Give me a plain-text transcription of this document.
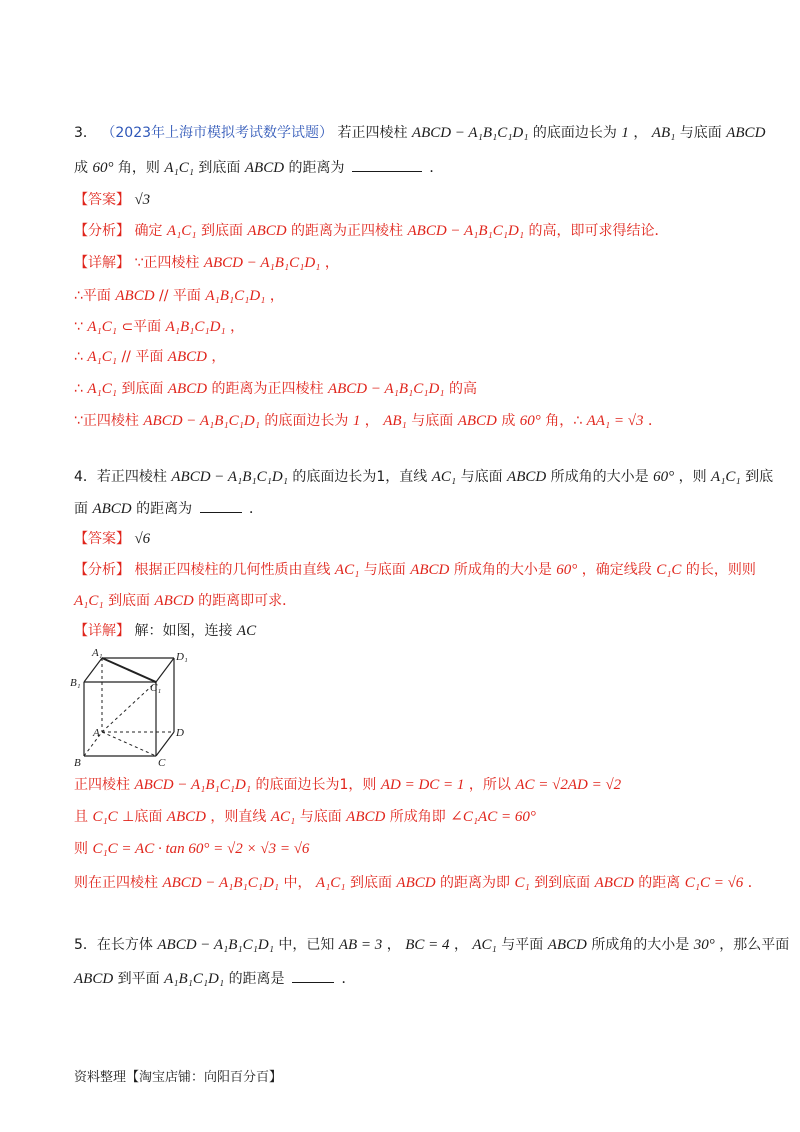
3． （2023年上海市模拟考试数学试题） 若正四棱柱 ABCD − A₁B₁C₁D₁ 的底面边长为 1 ， AB₁ 与底面 ABCD
成 60° 角，则 A₁C₁ 到底面 ABCD 的距离为	．
【答案】 √3
【分析】 确定 A₁C₁ 到底面 ABCD 的距离为正四棱柱 ABCD − A₁B₁C₁D₁ 的高，即可求得结论．
【详解】 ∵正四棱柱 ABCD − A₁B₁C₁D₁ ，
∴平面 ABCD // 平面 A₁B₁C₁D₁ ，
∵ A₁C₁ ⊂平面 A₁B₁C₁D₁ ，
∴ A₁C₁ // 平面 ABCD ，
∴ A₁C₁ 到底面 ABCD 的距离为正四棱柱 ABCD − A₁B₁C₁D₁ 的高
∵正四棱柱 ABCD − A₁B₁C₁D₁ 的底面边长为 1 ， AB₁ 与底面 ABCD 成 60° 角，∴ AA₁ = √3 ．
4．若正四棱柱 ABCD − A₁B₁C₁D₁ 的底面边长为1，直线 AC₁ 与底面 ABCD 所成角的大小是 60° ，则 A₁C₁ 到底
面 ABCD 的距离为	．
【答案】 √6
【分析】 根据正四棱柱的几何性质由直线 AC₁ 与底面 ABCD 所成角的大小是 60° ，确定线段 C₁C 的长，则则
A₁C₁ 到底面 ABCD 的距离即可求．
【详解】 解：如图，连接 AC
A₁	D₁
B₁	C₁
A	D
B	C
正四棱柱 ABCD − A₁B₁C₁D₁ 的底面边长为1，则 AD = DC = 1 ，所以 AC = √2AD = √2
且 C₁C ⊥底面 ABCD ，则直线 AC₁ 与底面 ABCD 所成角即 ∠C₁AC = 60°
则 C₁C = AC · tan 60° = √2 × √3 = √6
则在正四棱柱 ABCD − A₁B₁C₁D₁ 中， A₁C₁ 到底面 ABCD 的距离为即 C₁ 到到底面 ABCD 的距离 C₁C = √6 ．
5．在长方体 ABCD − A₁B₁C₁D₁ 中，已知 AB = 3 ， BC = 4 ， AC₁ 与平面 ABCD 所成角的大小是 30° ，那么平面
ABCD 到平面 A₁B₁C₁D₁ 的距离是	．
资料整理【淘宝店铺：向阳百分百】
